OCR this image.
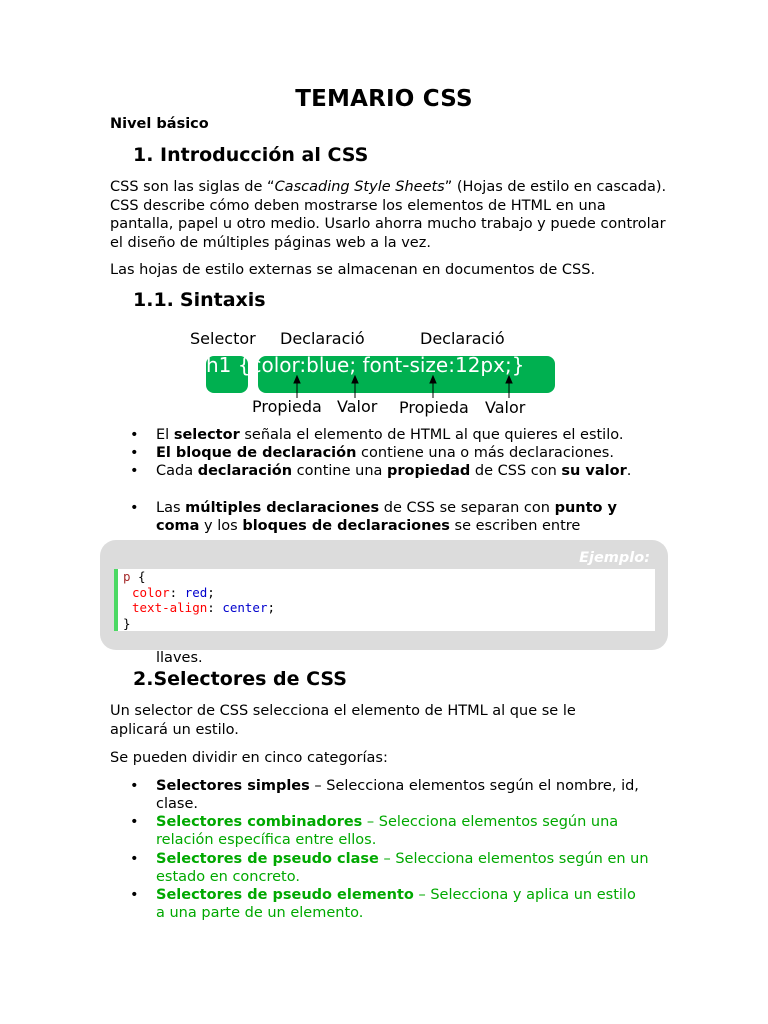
TEMARIO CSS
Nivel básico
1. Introducción al CSS
CSS son las siglas de “Cascading Style Sheets” (Hojas de estilo en cascada). CSS describe cómo deben mostrarse los elementos de HTML en una pantalla, papel u otro medio. Usarlo ahorra mucho trabajo y puede controlar el diseño de múltiples páginas web a la vez.
Las hojas de estilo externas se almacenan en documentos de CSS.
1.1. Sintaxis
Selector Declaració	Declaració
h1 {color:blue; font-size:12px;}
Propieda Valor Propieda Valor
• El selector señala el elemento de HTML al que quieres el estilo.
• El bloque de declaración contiene una o más declaraciones.
• Cada declaración contine una propiedad de CSS con su valor.
• Las múltiples declaraciones de CSS se separan con punto y coma y los bloques de declaraciones se escriben entre
Ejemplo:
p {
color: red;
text-align: center;
}
llaves.
2.Selectores de CSS
Un selector de CSS selecciona el elemento de HTML al que se le aplicará un estilo.
Se pueden dividir en cinco categorías:
• Selectores simples – Selecciona elementos según el nombre, id, clase.
• Selectores combinadores – Selecciona elementos según una relación específica entre ellos.
• Selectores de pseudo clase – Selecciona elementos según en un estado en concreto.
• Selectores de pseudo elemento – Selecciona y aplica un estilo a una parte de un elemento.
